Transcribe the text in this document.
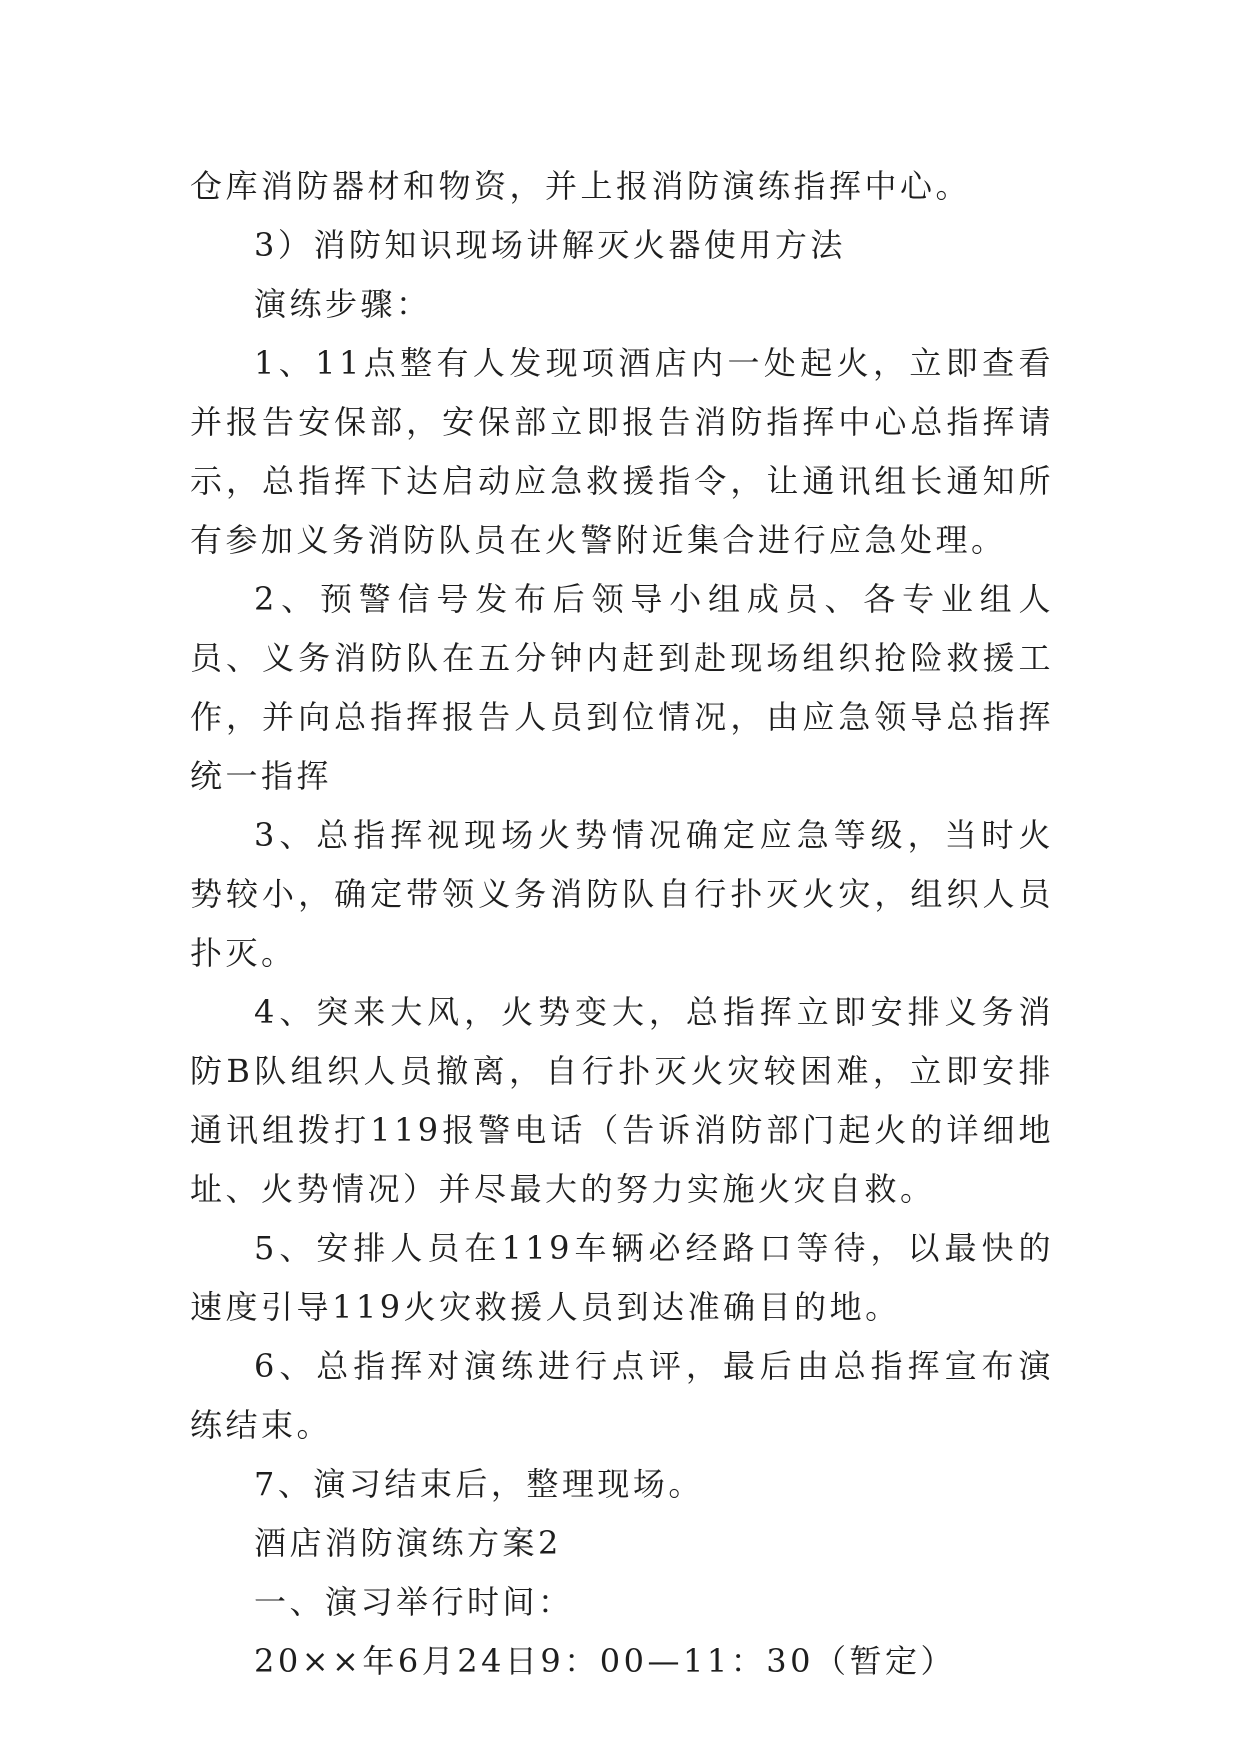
仓库消防器材和物资，并上报消防演练指挥中心。

3）消防知识现场讲解灭火器使用方法

演练步骤：

1、11点整有人发现项酒店内一处起火，立即查看并报告安保部，安保部立即报告消防指挥中心总指挥请示，总指挥下达启动应急救援指令，让通讯组长通知所有参加义务消防队员在火警附近集合进行应急处理。

2、预警信号发布后领导小组成员、各专业组人员、义务消防队在五分钟内赶到赴现场组织抢险救援工作，并向总指挥报告人员到位情况，由应急领导总指挥统一指挥

3、总指挥视现场火势情况确定应急等级，当时火势较小，确定带领义务消防队自行扑灭火灾，组织人员扑灭。

4、突来大风，火势变大，总指挥立即安排义务消防B队组织人员撤离，自行扑灭火灾较困难，立即安排通讯组拨打119报警电话（告诉消防部门起火的详细地址、火势情况）并尽最大的努力实施火灾自救。

5、安排人员在119车辆必经路口等待，以最快的速度引导119火灾救援人员到达准确目的地。

6、总指挥对演练进行点评，最后由总指挥宣布演练结束。

7、演习结束后，整理现场。

酒店消防演练方案2

一、演习举行时间：

20××年6月24日9：00—11：30（暂定）
